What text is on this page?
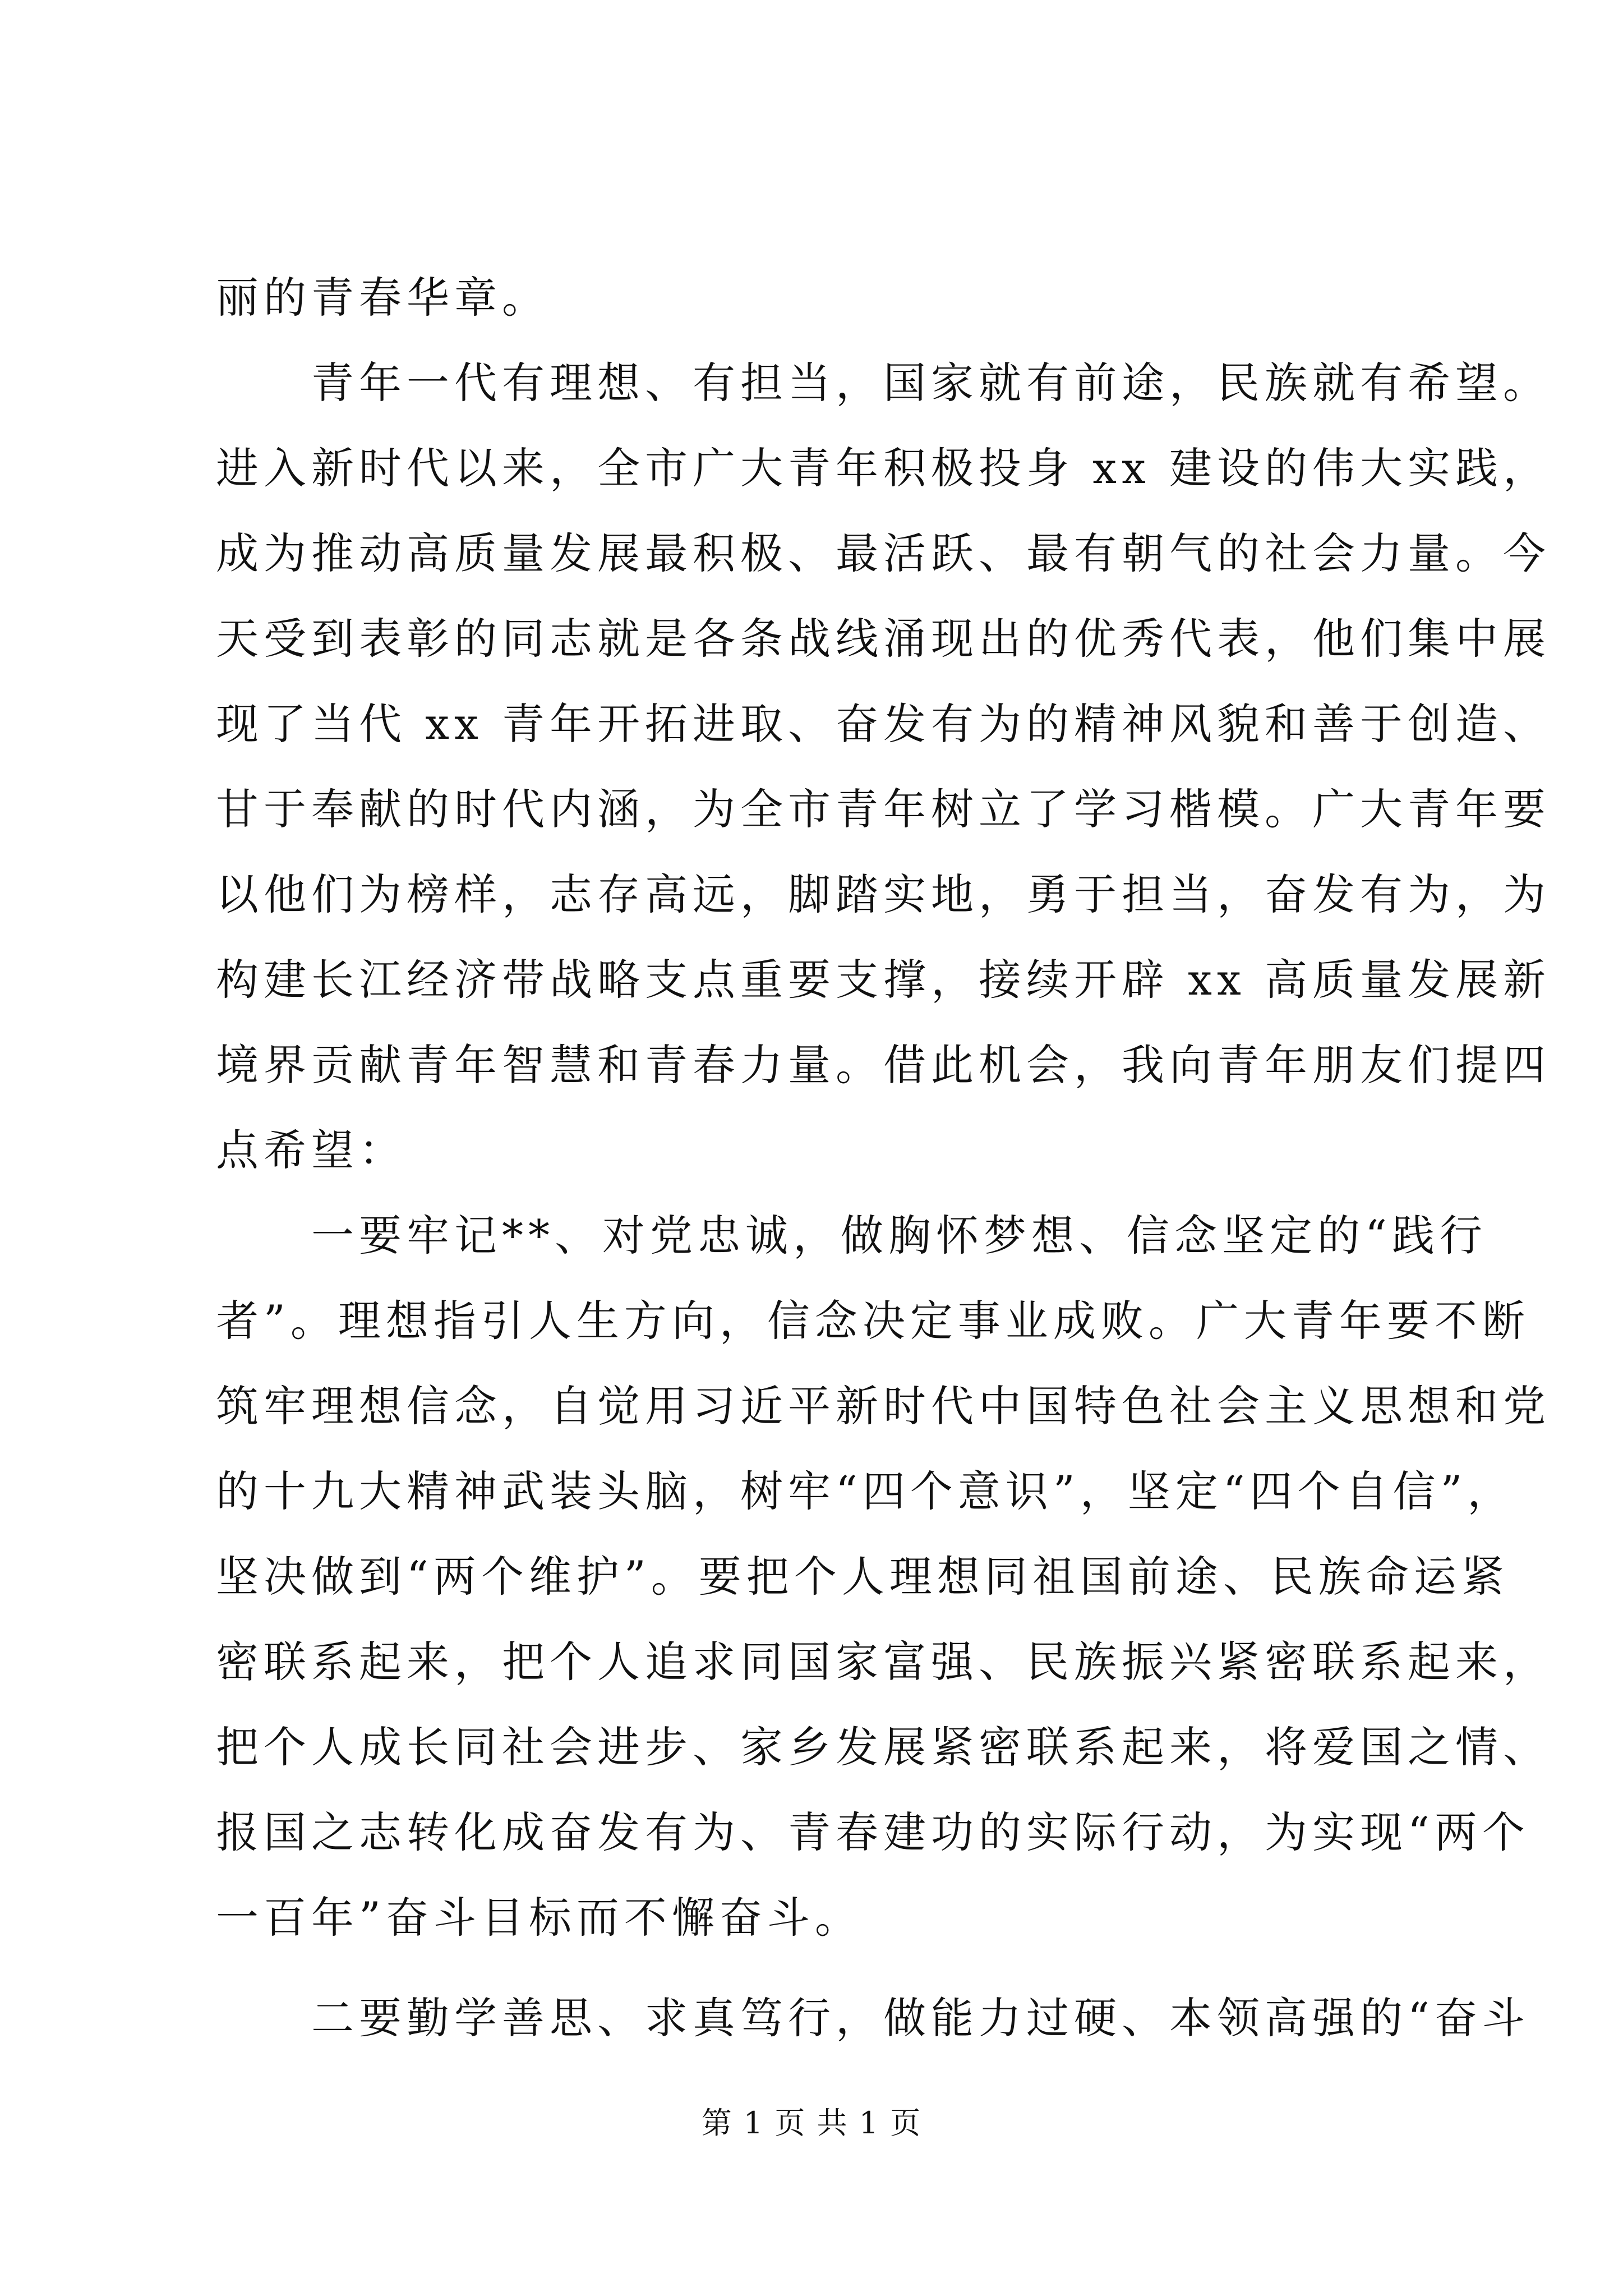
丽的青春华章。
　　青年一代有理想、有担当，国家就有前途，民族就有希望。
进入新时代以来，全市广大青年积极投身 xx 建设的伟大实践，
成为推动高质量发展最积极、最活跃、最有朝气的社会力量。今
天受到表彰的同志就是各条战线涌现出的优秀代表，他们集中展
现了当代 xx 青年开拓进取、奋发有为的精神风貌和善于创造、
甘于奉献的时代内涵，为全市青年树立了学习楷模。广大青年要
以他们为榜样，志存高远，脚踏实地，勇于担当，奋发有为，为
构建长江经济带战略支点重要支撑，接续开辟 xx 高质量发展新
境界贡献青年智慧和青春力量。借此机会，我向青年朋友们提四
点希望：
　　一要牢记**、对党忠诚，做胸怀梦想、信念坚定的“践行
者”。理想指引人生方向，信念决定事业成败。广大青年要不断
筑牢理想信念，自觉用习近平新时代中国特色社会主义思想和党
的十九大精神武装头脑，树牢“四个意识”，坚定“四个自信”，
坚决做到“两个维护”。要把个人理想同祖国前途、民族命运紧
密联系起来，把个人追求同国家富强、民族振兴紧密联系起来，
把个人成长同社会进步、家乡发展紧密联系起来，将爱国之情、
报国之志转化成奋发有为、青春建功的实际行动，为实现“两个
一百年”奋斗目标而不懈奋斗。
　　二要勤学善思、求真笃行，做能力过硬、本领高强的“奋斗
第 1 页 共 1 页
